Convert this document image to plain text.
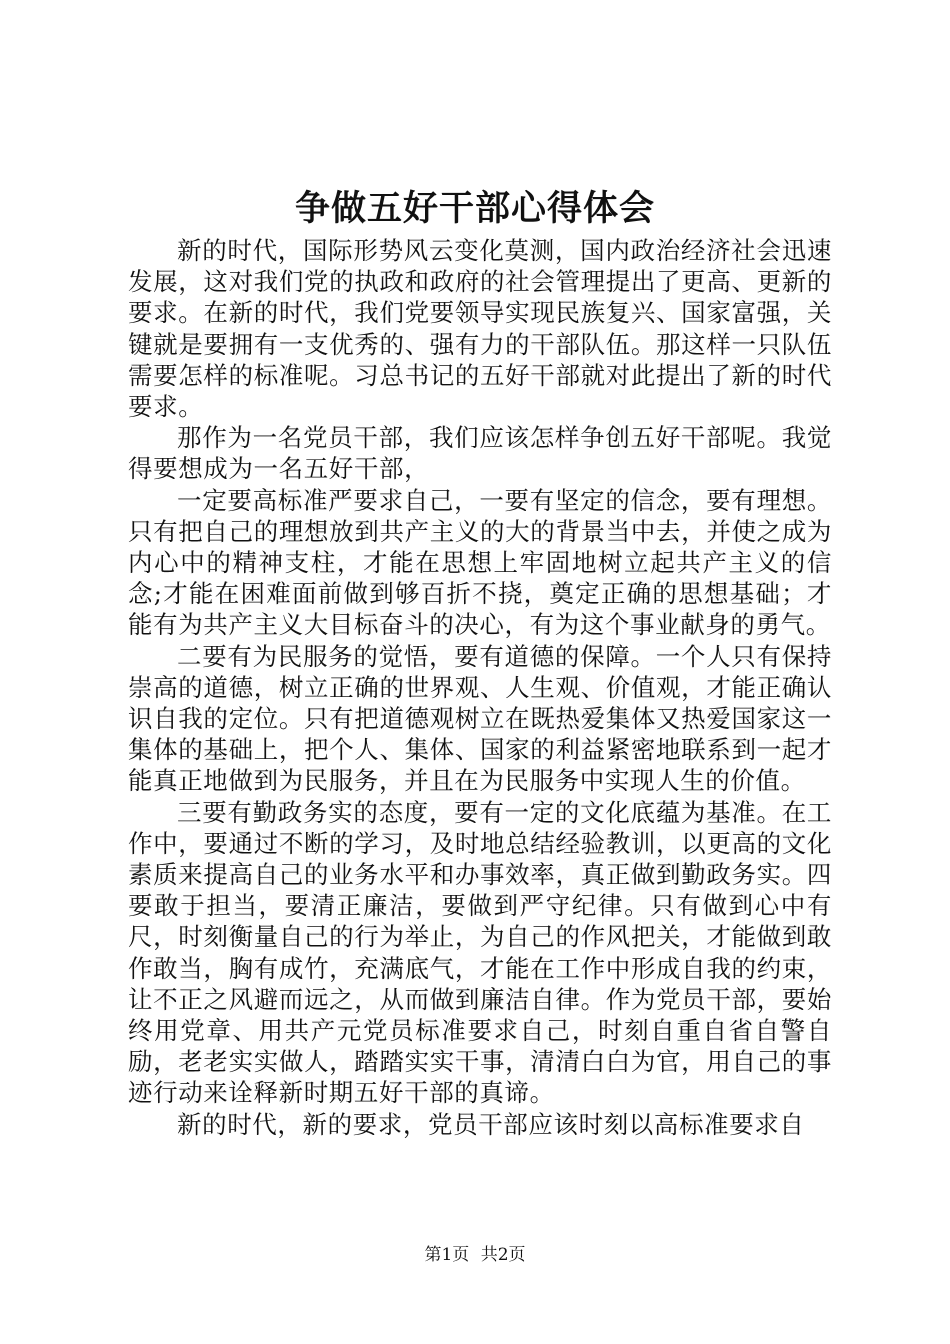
争做五好干部心得体会

新的时代，国际形势风云变化莫测，国内政治经济社会迅速发展，这对我们党的执政和政府的社会管理提出了更高、更新的要求。在新的时代，我们党要领导实现民族复兴、国家富强，关键就是要拥有一支优秀的、强有力的干部队伍。那这样一只队伍需要怎样的标准呢。习总书记的五好干部就对此提出了新的时代要求。

那作为一名党员干部，我们应该怎样争创五好干部呢。我觉得要想成为一名五好干部，

一定要高标准严要求自己，一要有坚定的信念，要有理想。只有把自己的理想放到共产主义的大的背景当中去，并使之成为内心中的精神支柱，才能在思想上牢固地树立起共产主义的信念;才能在困难面前做到够百折不挠，奠定正确的思想基础；才能有为共产主义大目标奋斗的决心，有为这个事业献身的勇气。

二要有为民服务的觉悟，要有道德的保障。一个人只有保持崇高的道德，树立正确的世界观、人生观、价值观，才能正确认识自我的定位。只有把道德观树立在既热爱集体又热爱国家这一集体的基础上，把个人、集体、国家的利益紧密地联系到一起才能真正地做到为民服务，并且在为民服务中实现人生的价值。

三要有勤政务实的态度，要有一定的文化底蕴为基准。在工作中，要通过不断的学习，及时地总结经验教训，以更高的文化素质来提高自己的业务水平和办事效率，真正做到勤政务实。四要敢于担当，要清正廉洁，要做到严守纪律。只有做到心中有尺，时刻衡量自己的行为举止，为自己的作风把关，才能做到敢作敢当，胸有成竹，充满底气，才能在工作中形成自我的约束，让不正之风避而远之，从而做到廉洁自律。作为党员干部，要始终用党章、用共产元党员标准要求自己，时刻自重自省自警自励，老老实实做人，踏踏实实干事，清清白白为官，用自己的事迹行动来诠释新时期五好干部的真谛。

新的时代，新的要求，党员干部应该时刻以高标准要求自

第1页 共2页
